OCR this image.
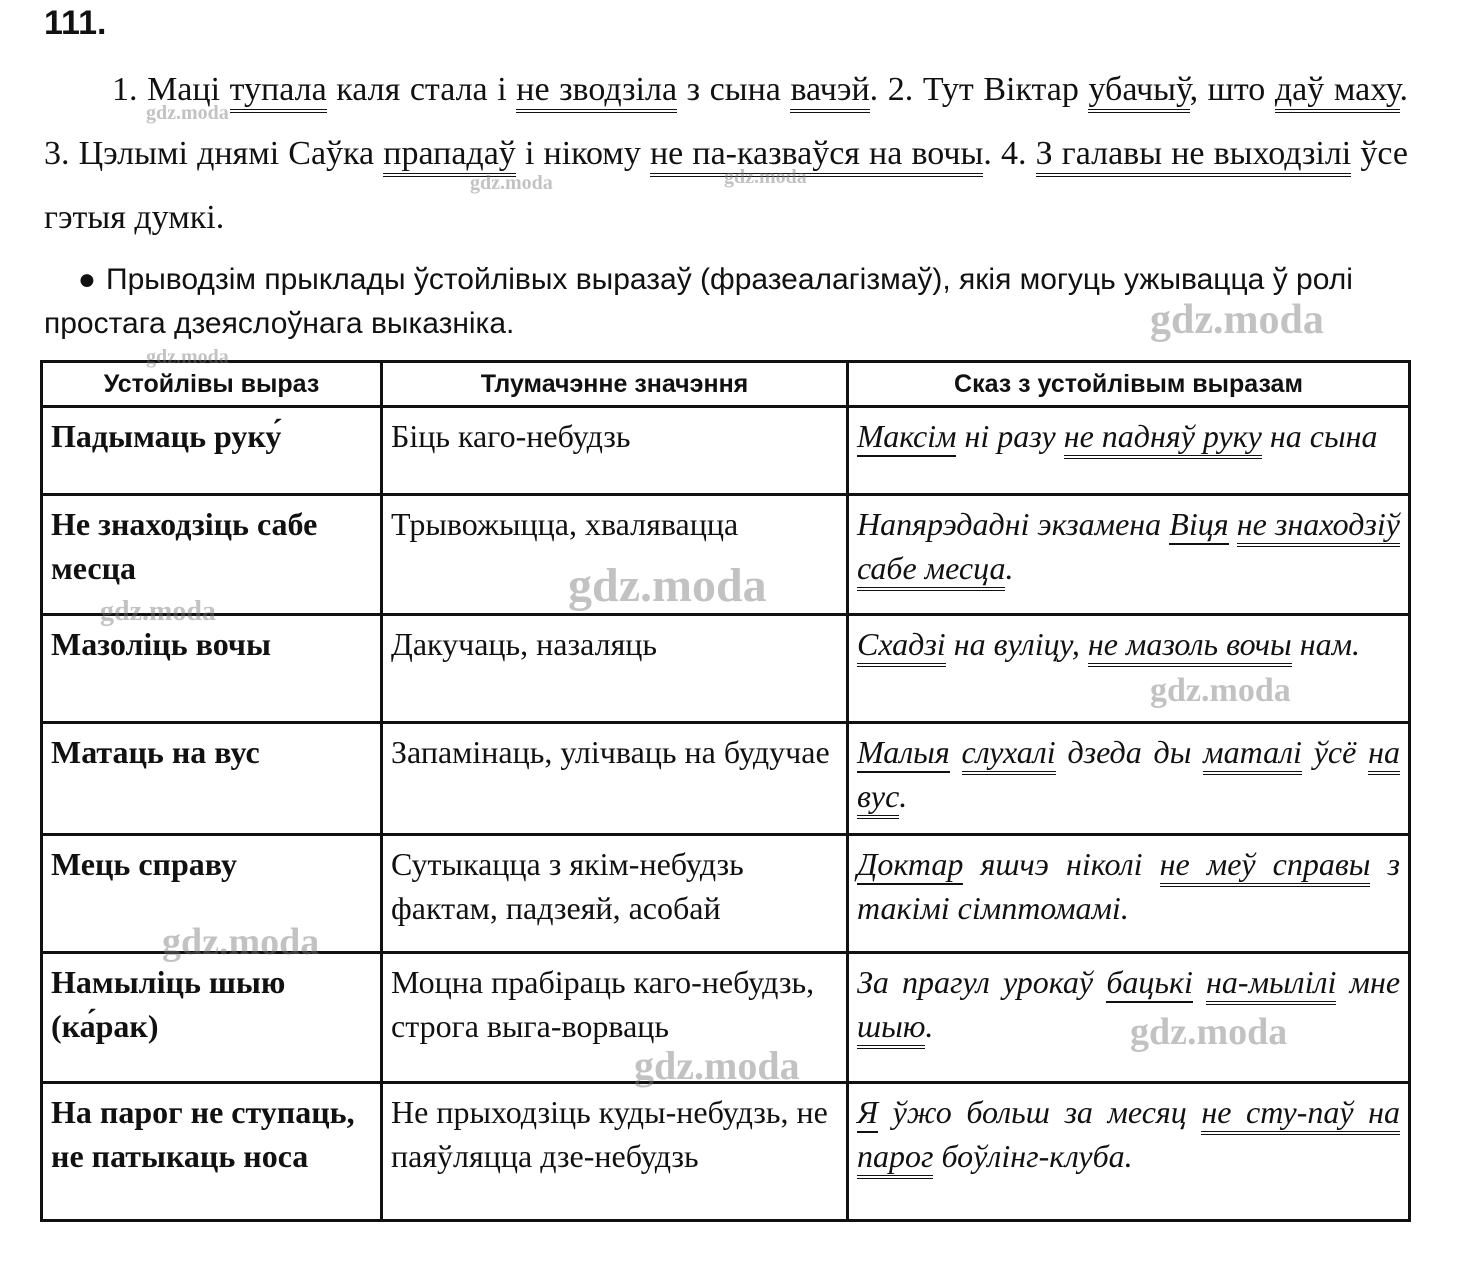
111.
1. Маці тупала каля стала і не зводзіла з сына вачэй. 2. Тут Віктар убачыў, што даў маху. 3. Цэлымі днямі Саўка прападаў і нікому не па-казваўся на вочы. 4. З галавы не выходзілі ўсе гэтыя думкі.
● Прыводзім прыклады ўстойлівых выразаў (фразеалагізмаў), якія могуць ужывацца ў ролі простага дзеяслоўнага выказніка.
Устойлівы выраз	Тлумачэнне значэння	Сказ з устойлівым выразам
Падымаць руку́	Біць каго-небудзь	Максім ні разу не падняў руку на сына
Не знаходзіць сабе месца	Трывожыцца, хваляваццa	Напярэдадні экзамена Віця не знаходзіў сабе месца.
Мазоліць вочы	Дакучаць, назаляць	Схадзі на вуліцу, не мазоль вочы нам.
Матаць на вус	Запамінаць, улічваць на будучае	Малыя слухалі дзеда ды маталі ўсё на вус.
Мець справу	Сутыкацца з якім-небудзь фактам, падзеяй, асобай	Доктар яшчэ ніколі не меў справы з такімі сімптомамі.
Намыліць шыю (ка́рак)	Моцна прабіраць каго-небудзь, строга выга-ворваць	За прагул урокаў бацькі на-мылілі мне шыю.
На парог не ступаць, не патыкаць носа	Не прыходзіць куды-небудзь, не паяўляцца дзе-небудзь	Я ўжо больш за месяц не сту-паў на парог боўлінг-клуба.
gdz.moda
gdz.moda	gdz.moda
gdz.moda
gdz.moda
gdz.moda
gdz.moda
gdz.moda
gdz.moda
gdz.moda
gdz.moda
